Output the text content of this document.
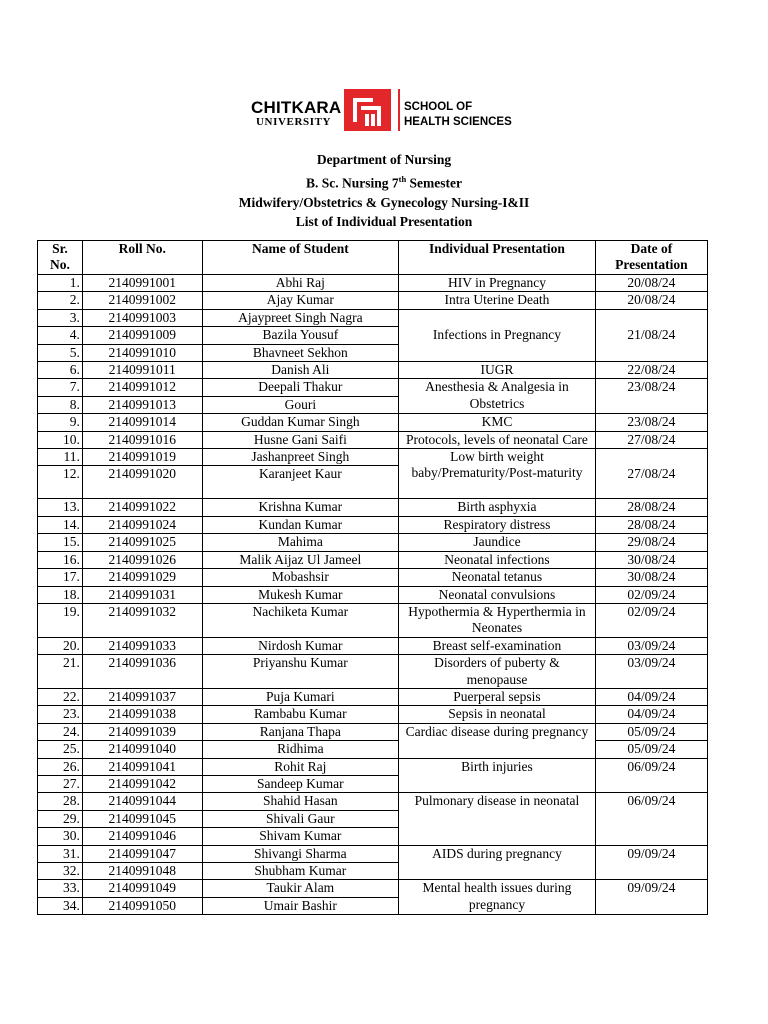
CHITKARA
UNIVERSITY
SCHOOL OF
HEALTH SCIENCES
Department of Nursing
B. Sc. Nursing 7th Semester
Midwifery/Obstetrics & Gynecology Nursing-I&II
List of Individual Presentation
Sr. No.	Roll No.	Name of Student	Individual Presentation	Date of Presentation
1.	2140991001	Abhi Raj	HIV in Pregnancy	20/08/24
2.	2140991002	Ajay Kumar	Intra Uterine Death	20/08/24
3.	2140991003	Ajaypreet Singh Nagra	Infections in Pregnancy	21/08/24
4.	2140991009	Bazila Yousuf		
5.	2140991010	Bhavneet Sekhon		
6.	2140991011	Danish Ali	IUGR	22/08/24
7.	2140991012	Deepali Thakur	Anesthesia & Analgesia in Obstetrics	23/08/24
8.	2140991013	Gouri		
9.	2140991014	Guddan Kumar Singh	KMC	23/08/24
10.	2140991016	Husne Gani Saifi	Protocols, levels of neonatal Care	27/08/24
11.	2140991019	Jashanpreet Singh	Low birth weight baby/Prematurity/Post-maturity	27/08/24
12.	2140991020	Karanjeet Kaur		
13.	2140991022	Krishna Kumar	Birth asphyxia	28/08/24
14.	2140991024	Kundan Kumar	Respiratory distress	28/08/24
15.	2140991025	Mahima	Jaundice	29/08/24
16.	2140991026	Malik Aijaz Ul Jameel	Neonatal infections	30/08/24
17.	2140991029	Mobashsir	Neonatal tetanus	30/08/24
18.	2140991031	Mukesh Kumar	Neonatal convulsions	02/09/24
19.	2140991032	Nachiketa Kumar	Hypothermia & Hyperthermia in Neonates	02/09/24
20.	2140991033	Nirdosh Kumar	Breast self-examination	03/09/24
21.	2140991036	Priyanshu Kumar	Disorders of puberty & menopause	03/09/24
22.	2140991037	Puja Kumari	Puerperal sepsis	04/09/24
23.	2140991038	Rambabu Kumar	Sepsis in neonatal	04/09/24
24.	2140991039	Ranjana Thapa	Cardiac disease during pregnancy	05/09/24
25.	2140991040	Ridhima		05/09/24
26.	2140991041	Rohit Raj	Birth injuries	06/09/24
27.	2140991042	Sandeep Kumar		
28.	2140991044	Shahid Hasan	Pulmonary disease in neonatal	06/09/24
29.	2140991045	Shivali Gaur		
30.	2140991046	Shivam Kumar		
31.	2140991047	Shivangi Sharma	AIDS during pregnancy	09/09/24
32.	2140991048	Shubham Kumar		
33.	2140991049	Taukir Alam	Mental health issues during pregnancy	09/09/24
34.	2140991050	Umair Bashir		
